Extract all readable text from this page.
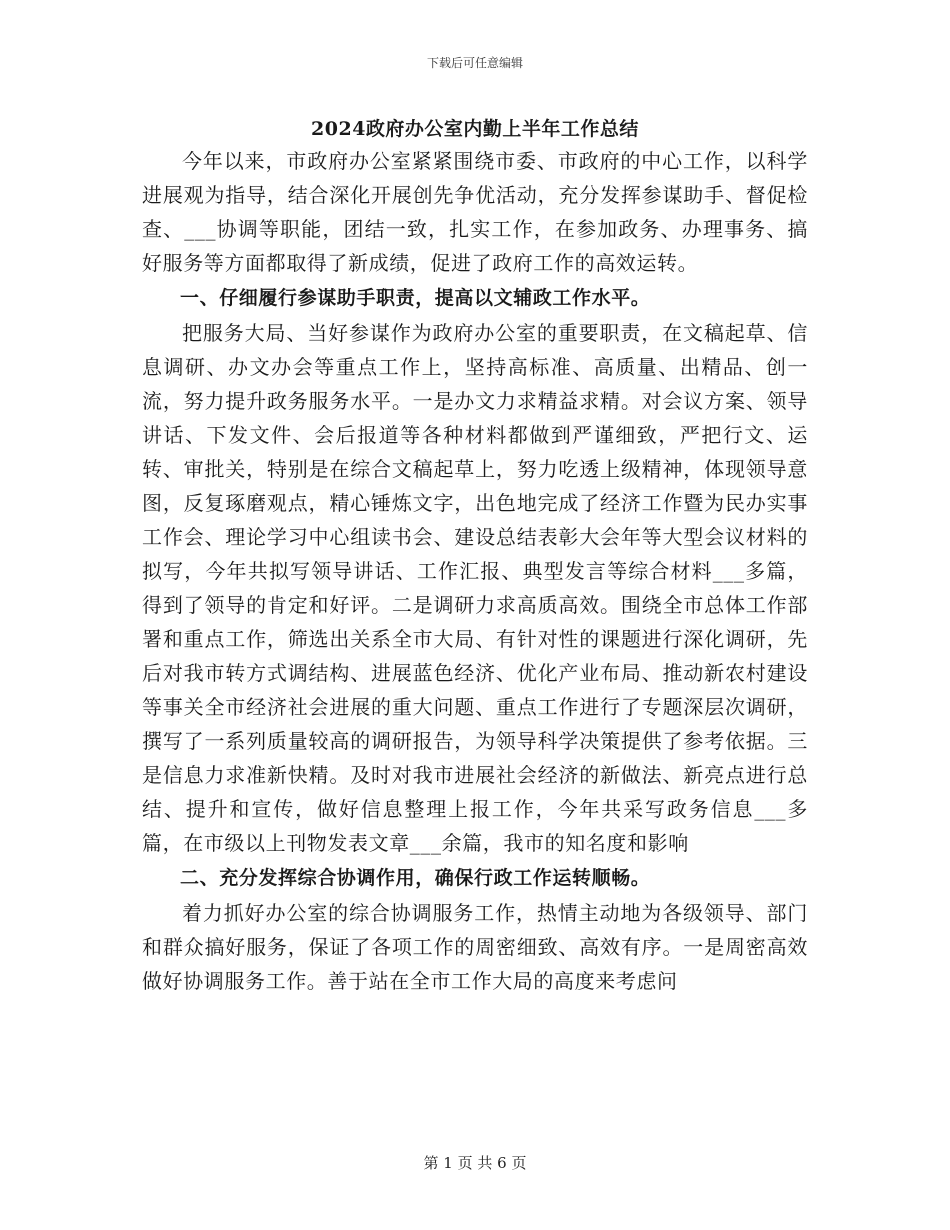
下载后可任意编辑
2024政府办公室内勤上半年工作总结

今年以来，市政府办公室紧紧围绕市委、市政府的中心工作，以科学进展观为指导，结合深化开展创先争优活动，充分发挥参谋助手、督促检查、___协调等职能，团结一致，扎实工作，在参加政务、办理事务、搞好服务等方面都取得了新成绩，促进了政府工作的高效运转。

一、仔细履行参谋助手职责，提高以文辅政工作水平。

把服务大局、当好参谋作为政府办公室的重要职责，在文稿起草、信息调研、办文办会等重点工作上，坚持高标准、高质量、出精品、创一流，努力提升政务服务水平。一是办文力求精益求精。对会议方案、领导讲话、下发文件、会后报道等各种材料都做到严谨细致，严把行文、运转、审批关，特别是在综合文稿起草上，努力吃透上级精神，体现领导意图，反复琢磨观点，精心锤炼文字，出色地完成了经济工作暨为民办实事工作会、理论学习中心组读书会、建设总结表彰大会年等大型会议材料的拟写，今年共拟写领导讲话、工作汇报、典型发言等综合材料___多篇，得到了领导的肯定和好评。二是调研力求高质高效。围绕全市总体工作部署和重点工作，筛选出关系全市大局、有针对性的课题进行深化调研，先后对我市转方式调结构、进展蓝色经济、优化产业布局、推动新农村建设等事关全市经济社会进展的重大问题、重点工作进行了专题深层次调研，撰写了一系列质量较高的调研报告，为领导科学决策提供了参考依据。三是信息力求准新快精。及时对我市进展社会经济的新做法、新亮点进行总结、提升和宣传，做好信息整理上报工作，今年共采写政务信息___多篇，在市级以上刊物发表文章___余篇，我市的知名度和影响

二、充分发挥综合协调作用，确保行政工作运转顺畅。

着力抓好办公室的综合协调服务工作，热情主动地为各级领导、部门和群众搞好服务，保证了各项工作的周密细致、高效有序。一是周密高效做好协调服务工作。善于站在全市工作大局的高度来考虑问

第 1 页 共 6 页
